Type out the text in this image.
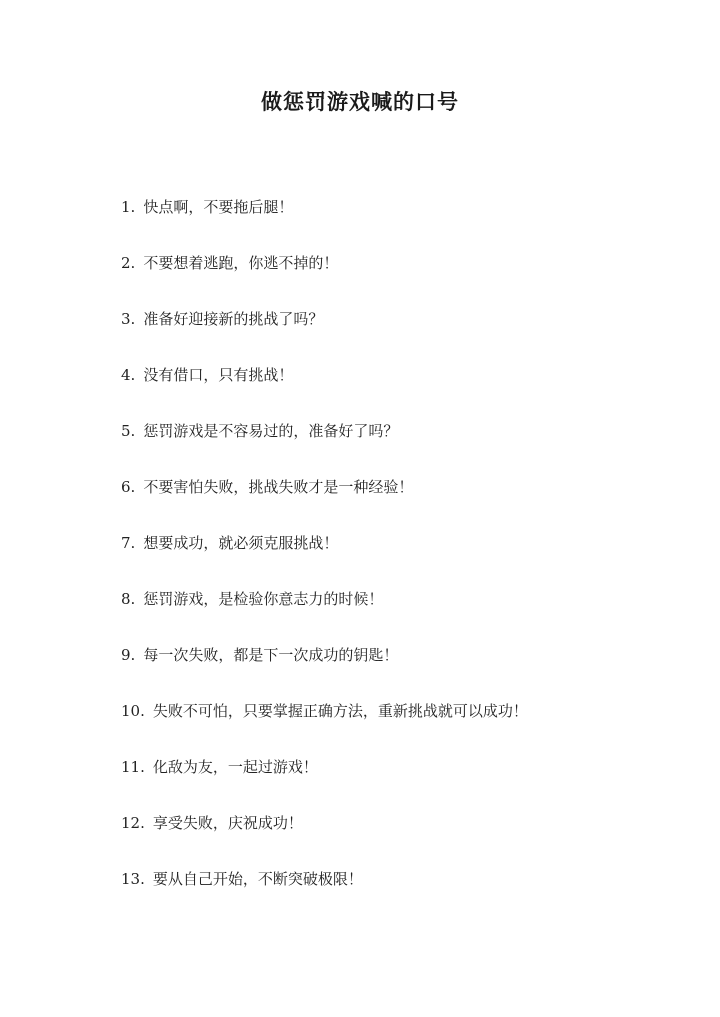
做惩罚游戏喊的口号
1. 快点啊，不要拖后腿！
2. 不要想着逃跑，你逃不掉的！
3. 准备好迎接新的挑战了吗？
4. 没有借口，只有挑战！
5. 惩罚游戏是不容易过的，准备好了吗？
6. 不要害怕失败，挑战失败才是一种经验！
7. 想要成功，就必须克服挑战！
8. 惩罚游戏，是检验你意志力的时候！
9. 每一次失败，都是下一次成功的钥匙！
10. 失败不可怕，只要掌握正确方法，重新挑战就可以成功！
11. 化敌为友，一起过游戏！
12. 享受失败，庆祝成功！
13. 要从自己开始，不断突破极限！
